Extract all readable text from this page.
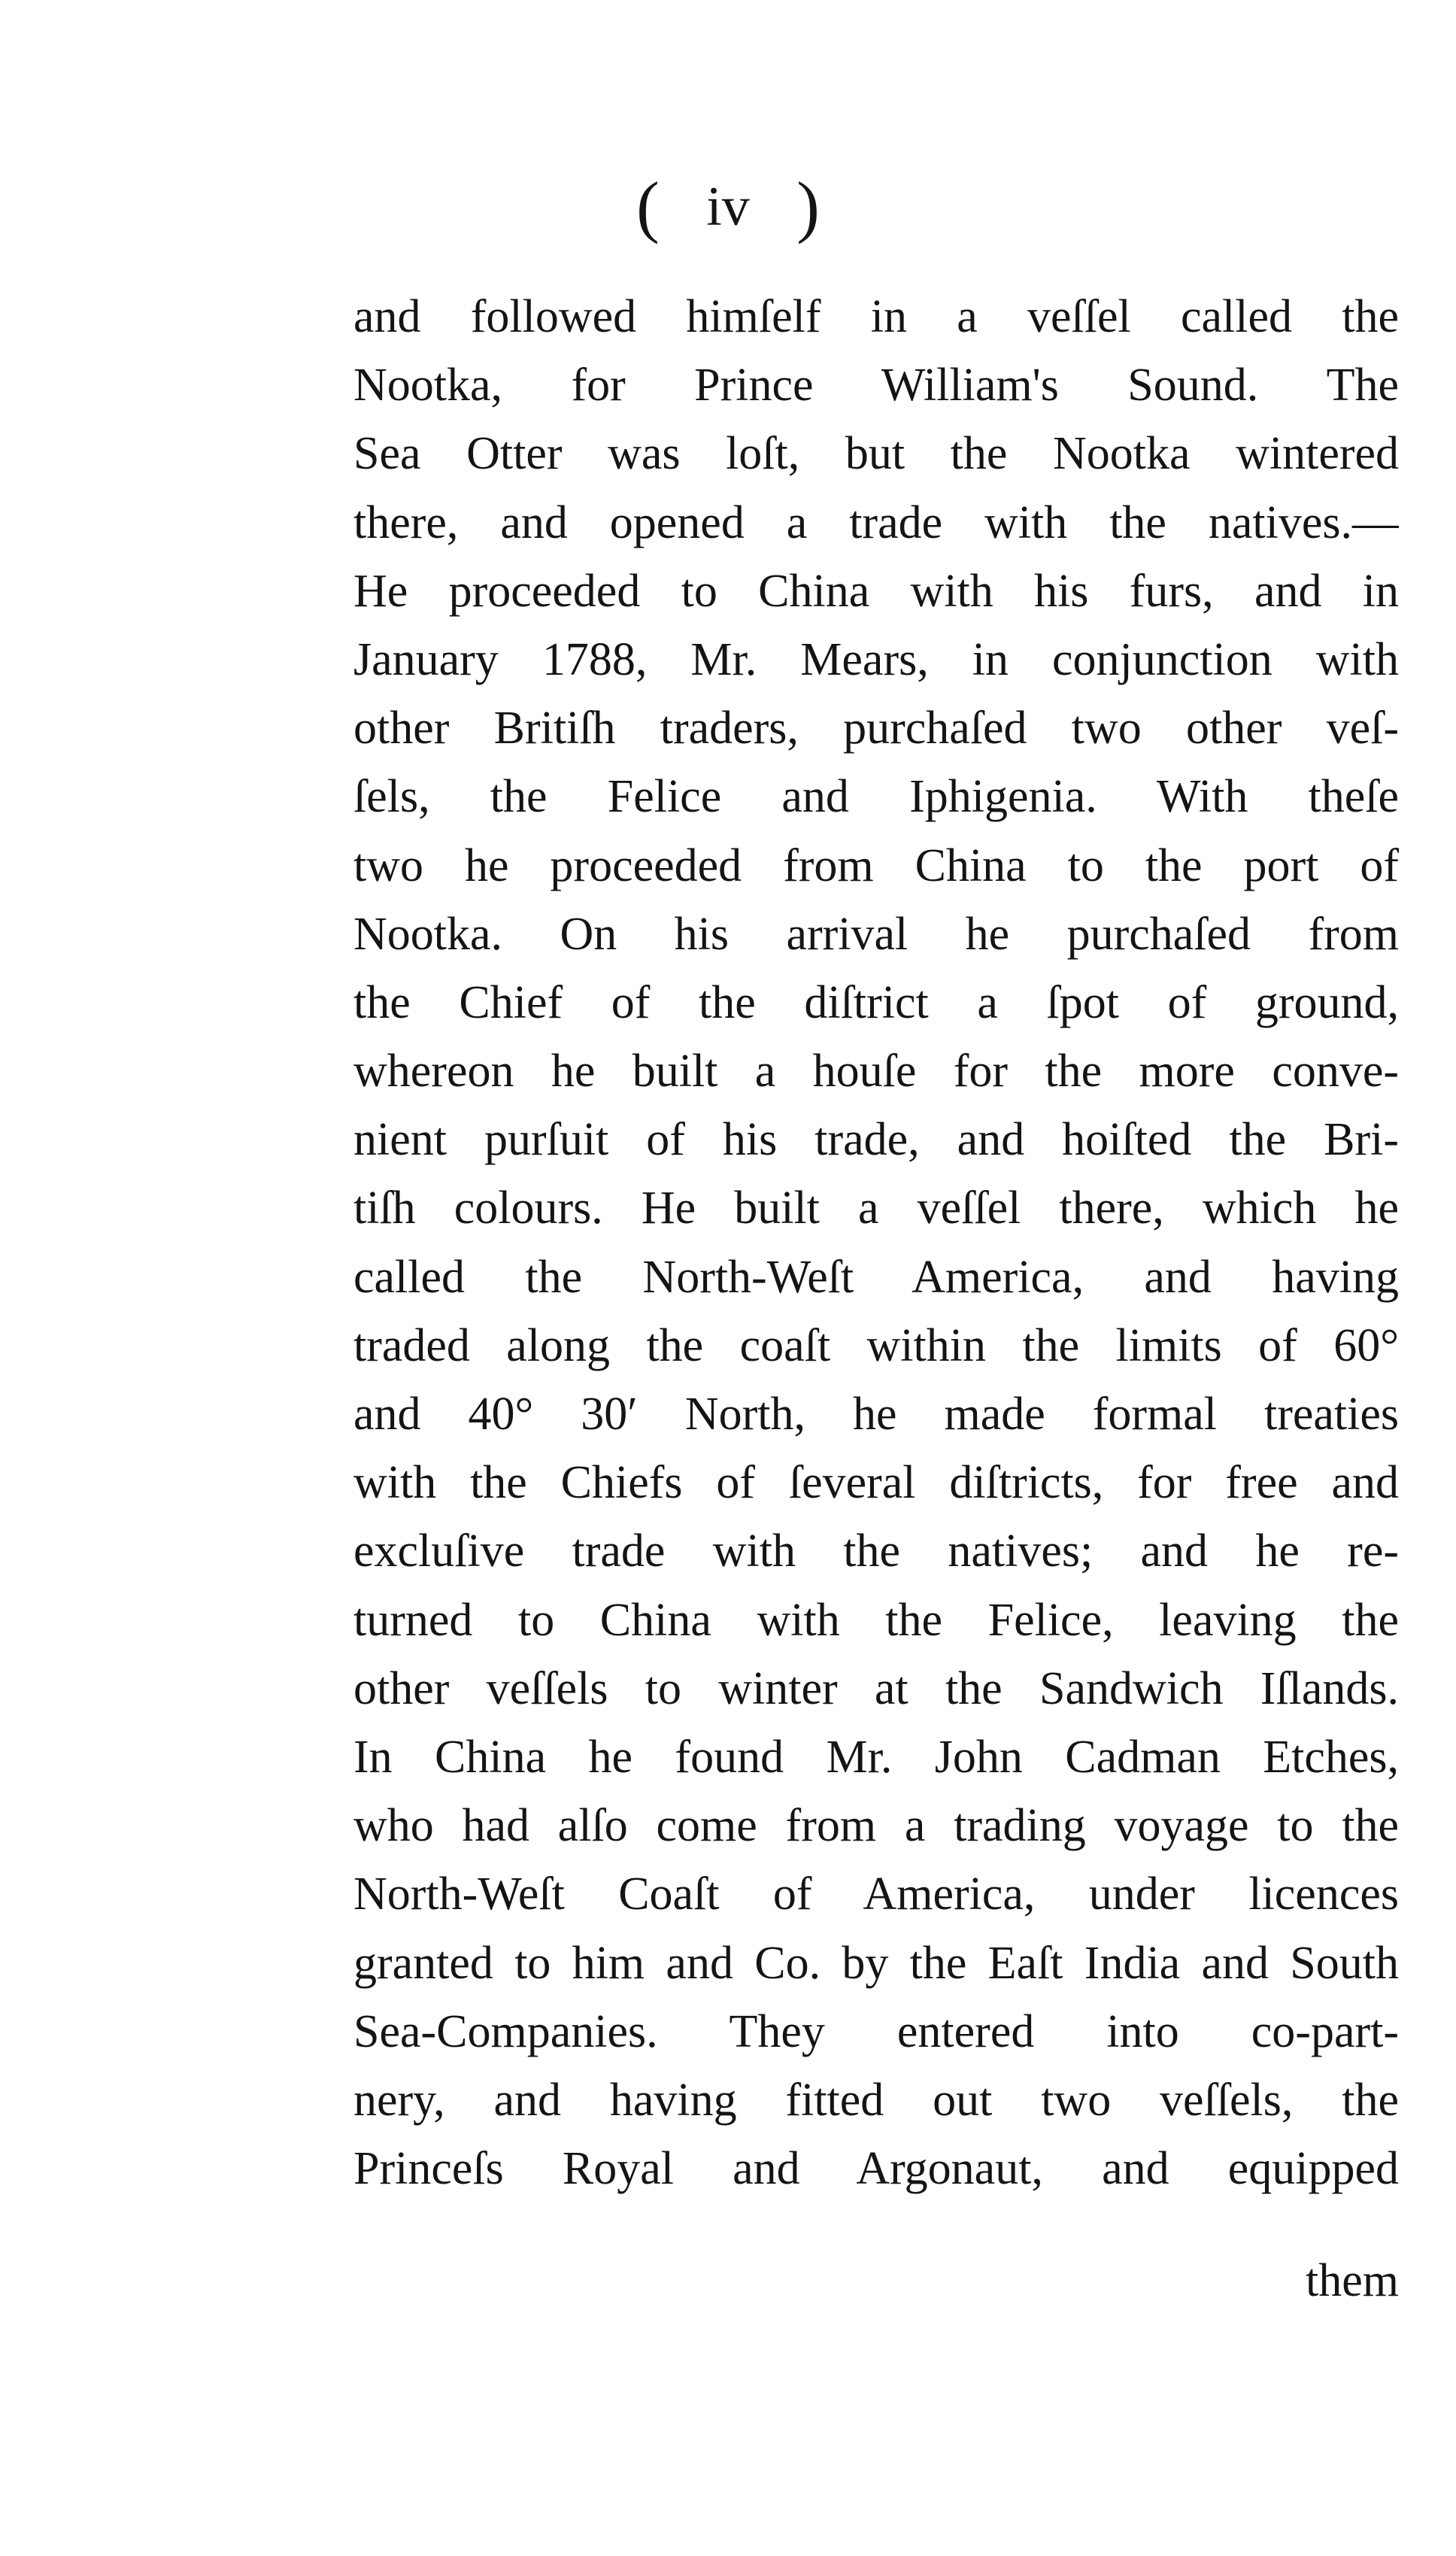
( iv )
and followed himſelf in a veſſel called the
Nootka, for Prince William's Sound. The
Sea Otter was loſt, but the Nootka wintered
there, and opened a trade with the natives.—
He proceeded to China with his furs, and in
January 1788, Mr. Mears, in conjunction with
other Britiſh traders, purchaſed two other veſ-
ſels, the Felice and Iphigenia. With theſe
two he proceeded from China to the port of
Nootka. On his arrival he purchaſed from
the Chief of the diſtrict a ſpot of ground,
whereon he built a houſe for the more conve-
nient purſuit of his trade, and hoiſted the Bri-
tiſh colours. He built a veſſel there, which he
called the North-Weſt America, and having
traded along the coaſt within the limits of 60°
and 40° 30′ North, he made formal treaties
with the Chiefs of ſeveral diſtricts, for free and
excluſive trade with the natives; and he re-
turned to China with the Felice, leaving the
other veſſels to winter at the Sandwich Iſlands.
In China he found Mr. John Cadman Etches,
who had alſo come from a trading voyage to the
North-Weſt Coaſt of America, under licences
granted to him and Co. by the Eaſt India and South
Sea-Companies. They entered into co-part-
nery, and having fitted out two veſſels, the
Princeſs Royal and Argonaut, and equipped
them
